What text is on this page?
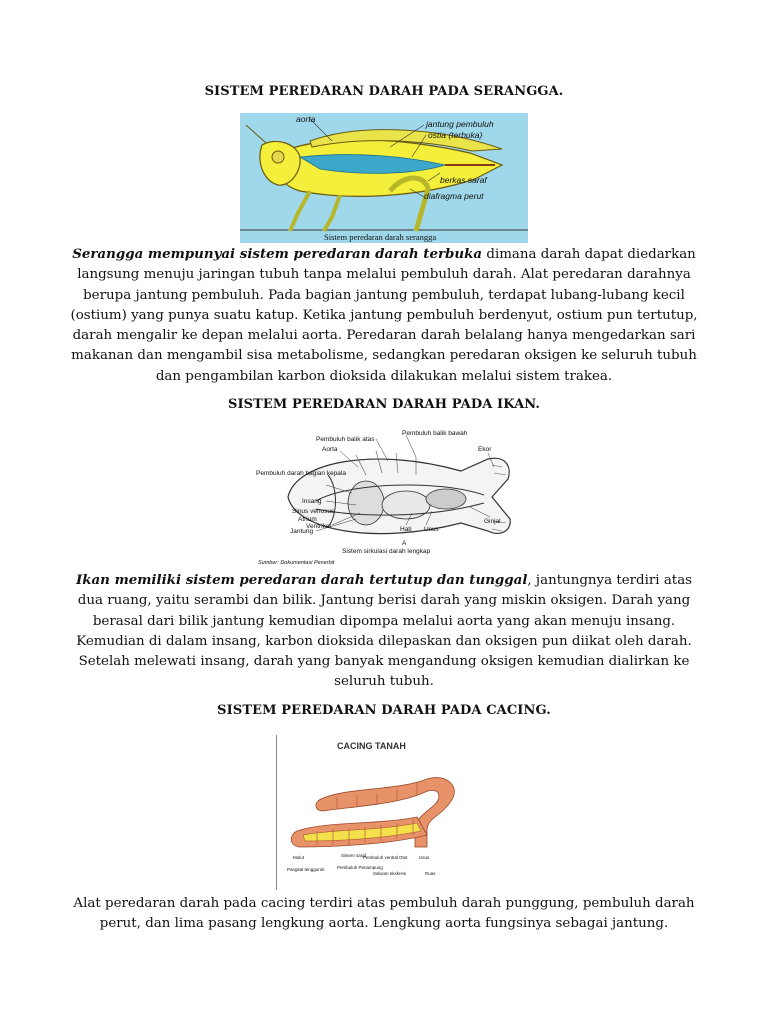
SISTEM PEREDARAN DARAH PADA SERANGGA.
aorta	jantung pembuluh
ostia (terbuka)
berkas saraf
diafragma perut
Sistem peredaran darah serangga
Serangga mempunyai sistem peredaran darah terbuka dimana darah dapat diedarkan langsung menuju jaringan tubuh tanpa melalui pembuluh darah. Alat peredaran darahnya berupa jantung pembuluh. Pada bagian jantung pembuluh, terdapat lubang-lubang kecil (ostium) yang punya suatu katup. Ketika jantung pembuluh berdenyut, ostium pun tertutup, darah mengalir ke depan melalui aorta. Peredaran darah belalang hanya mengedarkan sari makanan dan mengambil sisa metabolisme, sedangkan peredaran oksigen ke seluruh tubuh dan pengambilan karbon dioksida dilakukan melalui sistem trakea.
SISTEM PEREDARAN DARAH PADA IKAN.
Pembuluh balik atas
Pembuluh balik bawah
Aorta	Ekor
Pembuluh darah bagian kepala
Insang
Sinus venosus
Atrium
Ventrikel
Jantung	Hati Usus
Ginjal
A
Sistem sirkulasi darah lengkap
Sumber: Dokumentasi Penerbit
Ikan memiliki sistem peredaran darah tertutup dan tunggal, jantungnya terdiri atas dua ruang, yaitu serambi dan bilik. Jantung berisi darah yang miskin oksigen. Darah yang berasal dari bilik jantung kemudian dipompa melalui aorta yang akan menuju insang. Kemudian di dalam insang, karbon dioksida dilepaskan dan oksigen pun diikat oleh darah. Setelah melewati insang, darah yang banyak mengandung oksigen kemudian dialirkan ke seluruh tubuh.
SISTEM PEREDARAN DARAH PADA CACING.
CACING TANAH
Mulut	Sistem saraf
Pembuluh ventral Otot	Usus
Pangkal tenggorok	Pembuluh Penampung
Saluran ekskresi	Ruas
Alat peredaran darah pada cacing terdiri atas pembuluh darah punggung, pembuluh darah perut, dan lima pasang lengkung aorta. Lengkung aorta fungsinya sebagai jantung.
